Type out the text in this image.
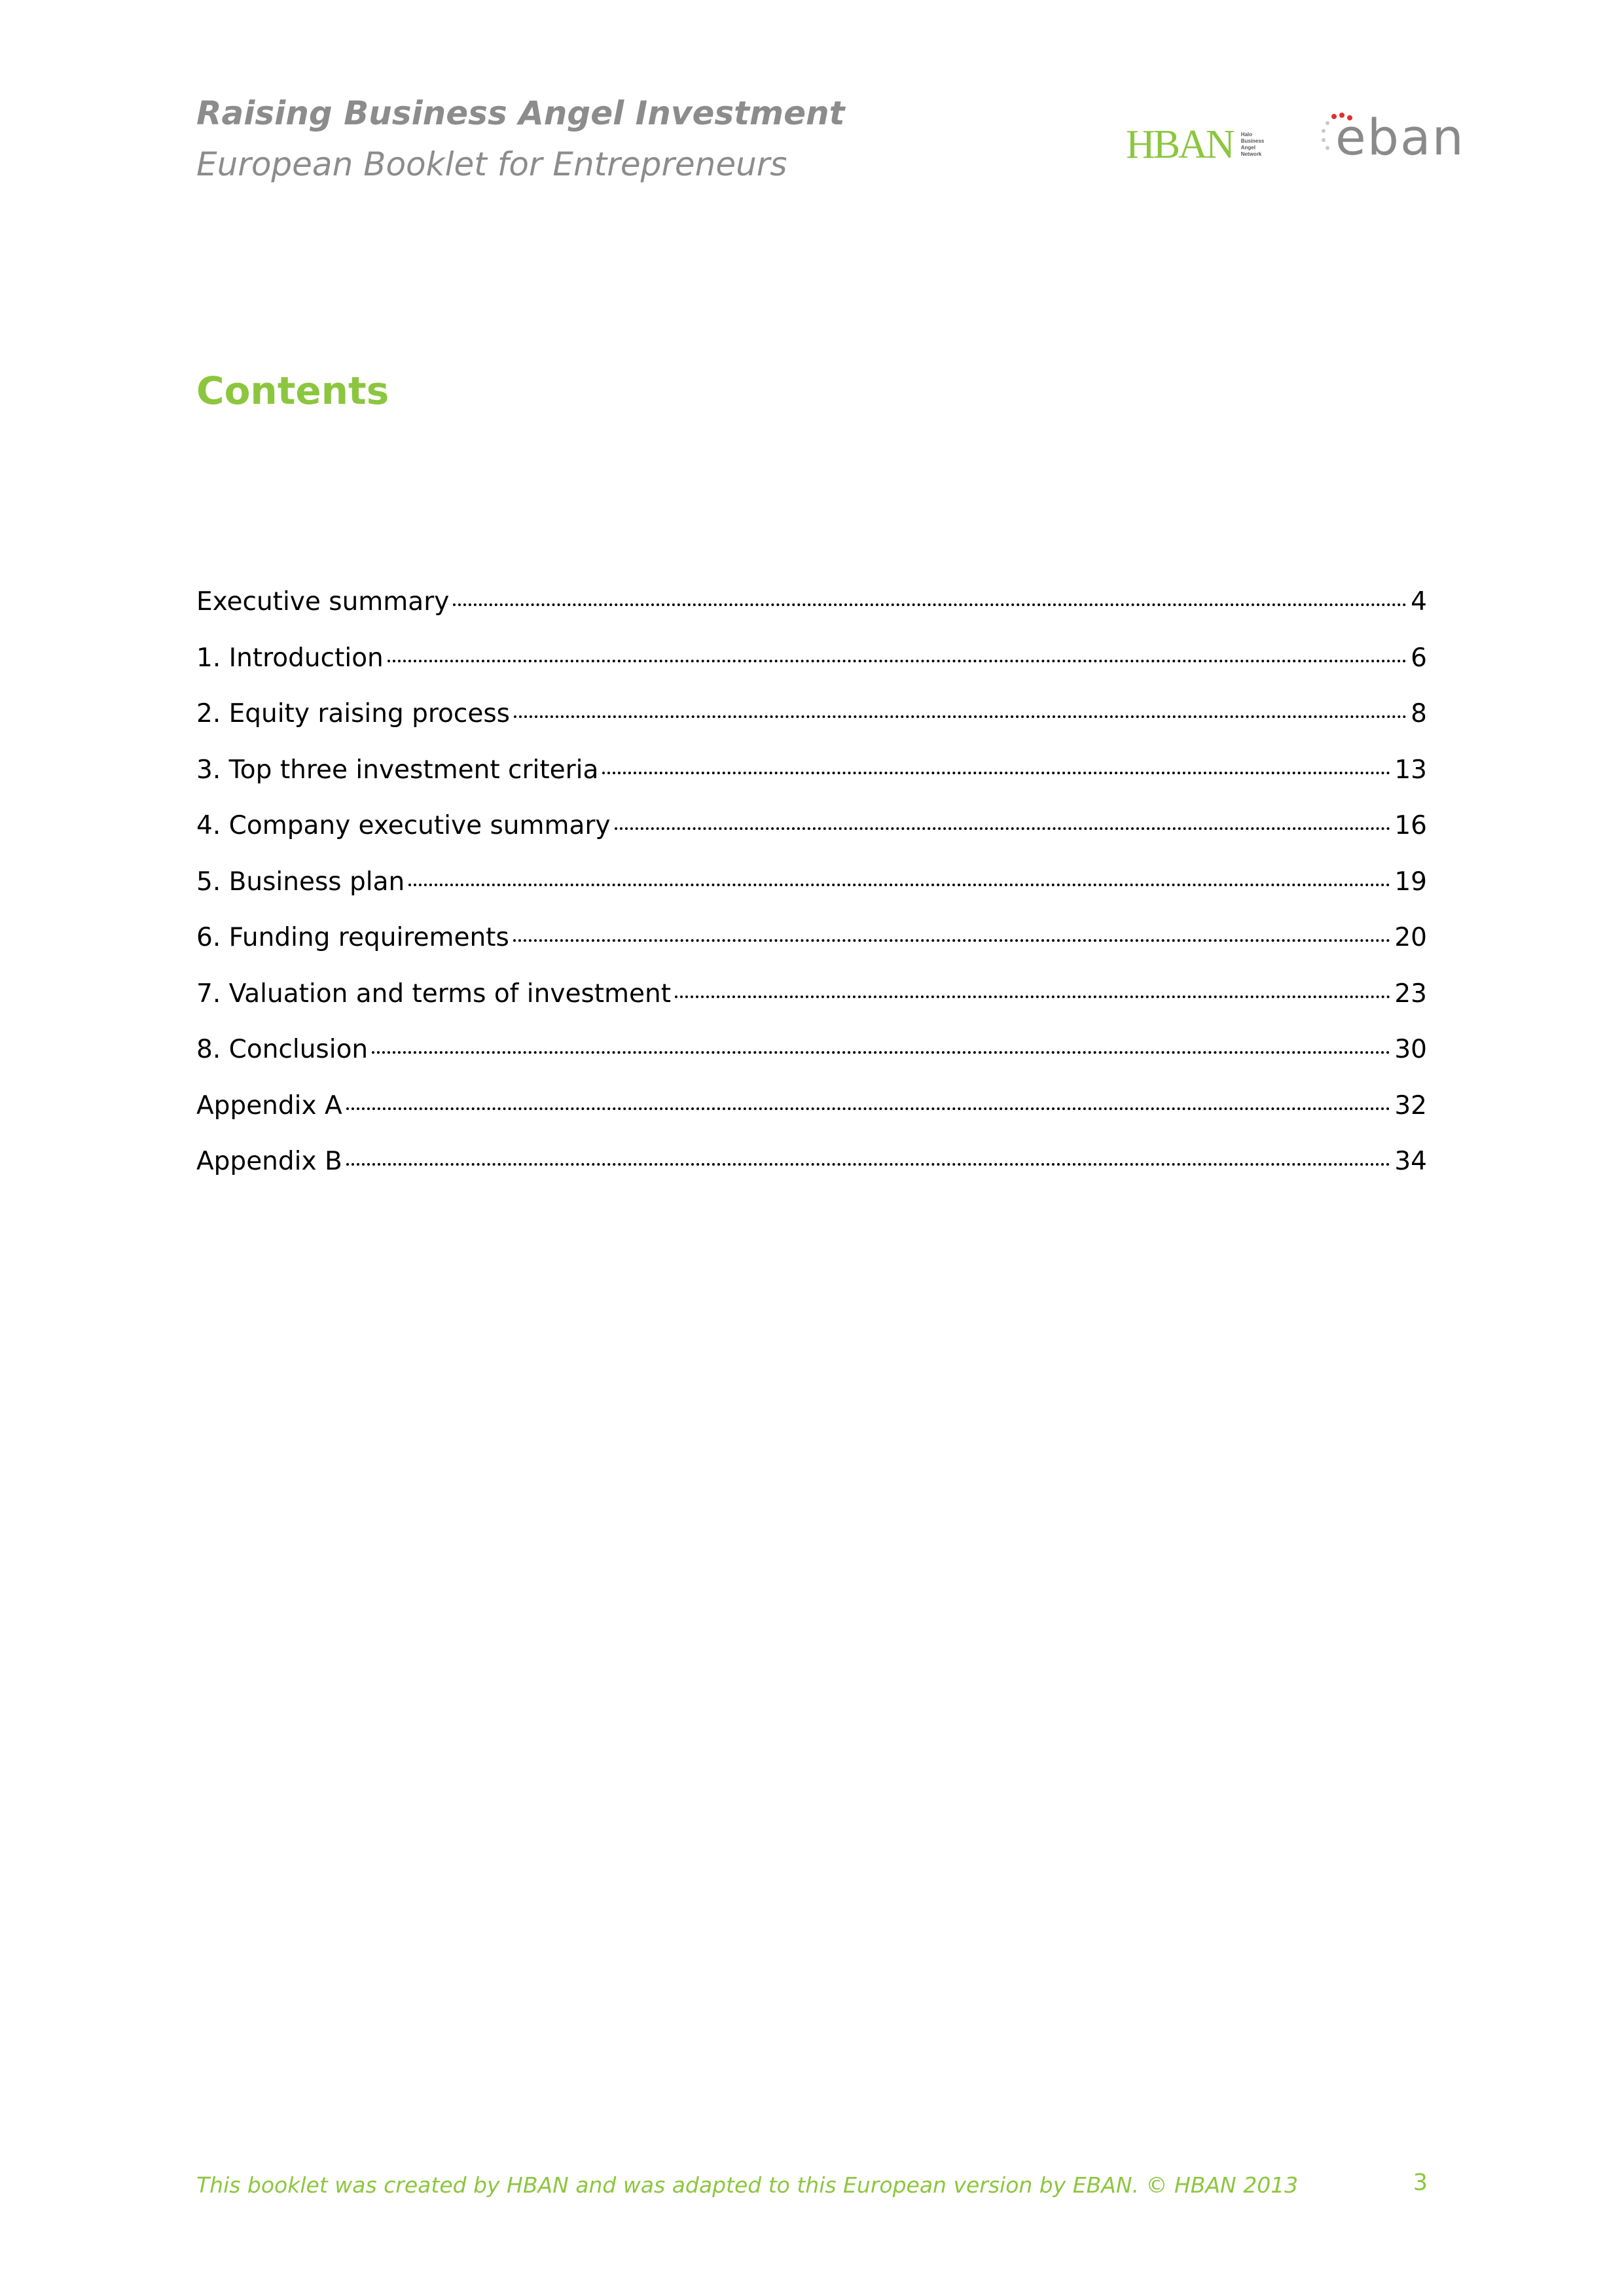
Raising Business Angel Investment
European Booklet for Entrepreneurs	HBAN Halo
Business
Angel
Network eban
Contents
Executive summary	4
1. Introduction	6
2. Equity raising process	8
3. Top three investment criteria	13
4. Company executive summary	16
5. Business plan	19
6. Funding requirements	20
7. Valuation and terms of investment	23
8. Conclusion	30
Appendix A	32
Appendix B	34
This booklet was created by HBAN and was adapted to this European version by EBAN. © HBAN 2013	3
